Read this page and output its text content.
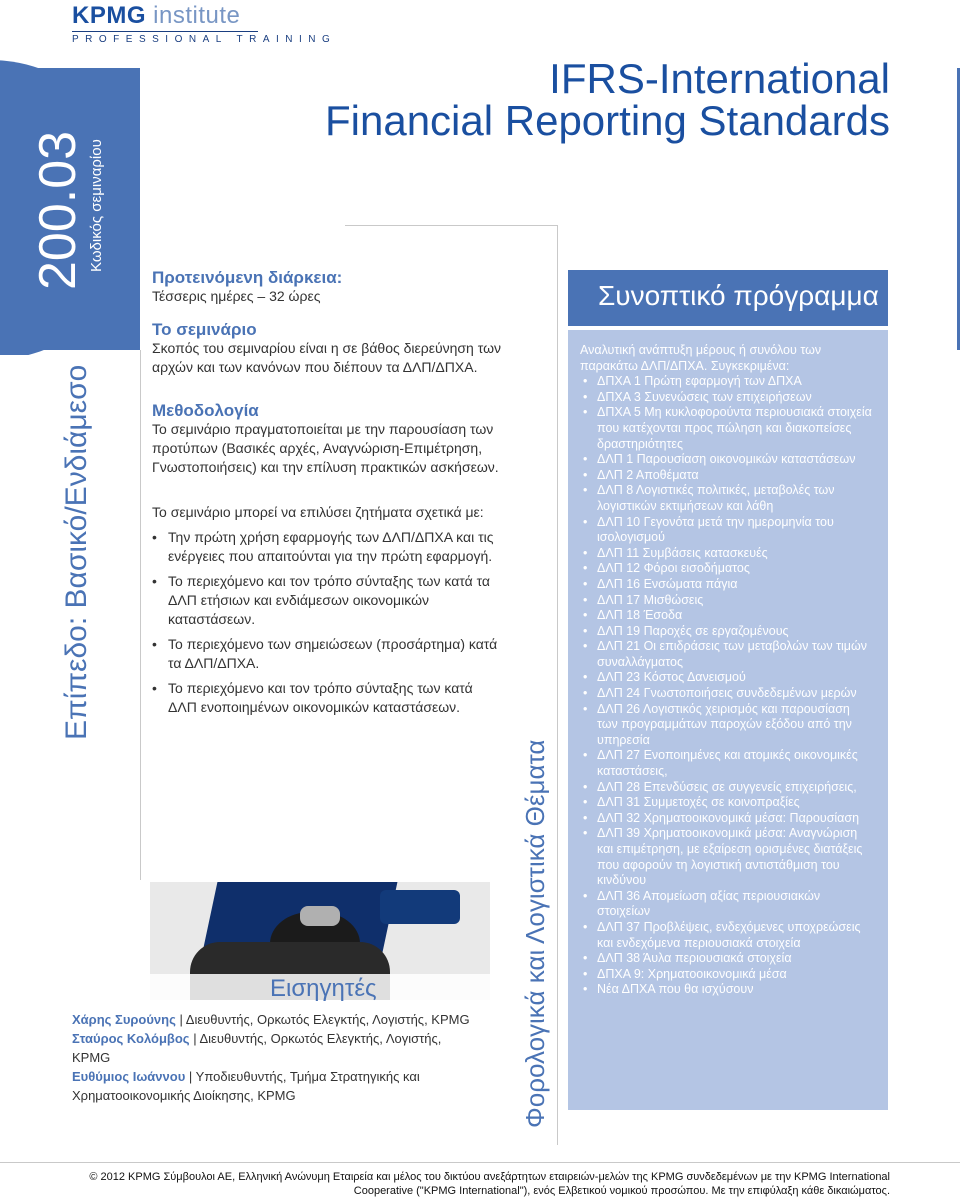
KPMG institute
PROFESSIONAL TRAINING
200.03 Κωδικός σεμιναρίου
Επίπεδο: Βασικό/Ενδιάμεσο
IFRS-International
Financial Reporting Standards

Προτεινόμενη διάρκεια:

Τέσσερις ημέρες – 32 ώρες

Το σεμινάριο

Σκοπός του σεμιναρίου είναι η σε βάθος διερεύνηση των αρχών και των κανόνων που διέπουν τα ΔΛΠ/ΔΠΧΑ.

Μεθοδολογία

Το σεμινάριο πραγματοποιείται με την παρουσίαση των προτύπων (Βασικές αρχές, Αναγνώριση-Επιμέτρηση, Γνωστοποιήσεις) και την επίλυση πρακτικών ασκήσεων.

Το σεμινάριο μπορεί να επιλύσει ζητήματα σχετικά με:

• Την πρώτη χρήση εφαρμογής των ΔΛΠ/ΔΠΧΑ και τις ενέργειες που απαιτούνται για την πρώτη εφαρμογή.
• Το περιεχόμενο και τον τρόπο σύνταξης των κατά τα ΔΛΠ ετήσιων και ενδιάμεσων οικονομικών καταστάσεων.
• Το περιεχόμενο των σημειώσεων (προσάρτημα) κατά τα ΔΛΠ/ΔΠΧΑ.
• Το περιεχόμενο και τον τρόπο σύνταξης των κατά ΔΛΠ ενοποιημένων οικονομικών καταστάσεων.
Εισηγητές
Χάρης Συρούνης | Διευθυντής, Ορκωτός Ελεγκτής, Λογιστής, KPMG
Σταύρος Κολόμβος | Διευθυντής, Ορκωτός Ελεγκτής, Λογιστής, KPMG
Ευθύμιος Ιωάννου | Υποδιευθυντής, Τμήμα Στρατηγικής και Χρηματοοικονομικής Διοίκησης, KPMG	Φορολογικά και Λογιστικά Θέματα
Συνοπτικό πρόγραμμα
Αναλυτική ανάπτυξη μέρους ή συνόλου των παρακάτω ΔΛΠ/ΔΠΧΑ. Συγκεκριμένα:
• ΔΠΧΑ 1 Πρώτη εφαρμογή των ΔΠΧΑ
• ΔΠΧΑ 3 Συνενώσεις των επιχειρήσεων
• ΔΠΧΑ 5 Μη κυκλοφορούντα περιουσιακά στοιχεία που κατέχονται προς πώληση και διακοπείσες δραστηριότητες
• ΔΛΠ 1 Παρουσίαση οικονομικών καταστάσεων
• ΔΛΠ 2 Αποθέματα
• ΔΛΠ 8 Λογιστικές πολιτικές, μεταβολές των λογιστικών εκτιμήσεων και λάθη
• ΔΛΠ 10 Γεγονότα μετά την ημερομηνία του ισολογισμού
• ΔΛΠ 11 Συμβάσεις κατασκευές
• ΔΛΠ 12 Φόροι εισοδήματος
• ΔΛΠ 16 Ενσώματα πάγια
• ΔΛΠ 17 Μισθώσεις
• ΔΛΠ 18 Έσοδα
• ΔΛΠ 19 Παροχές σε εργαζομένους
• ΔΛΠ 21 Οι επιδράσεις των μεταβολών των τιμών συναλλάγματος
• ΔΛΠ 23 Κόστος Δανεισμού
• ΔΛΠ 24 Γνωστοποιήσεις συνδεδεμένων μερών
• ΔΛΠ 26 Λογιστικός χειρισμός και παρουσίαση των προγραμμάτων παροχών εξόδου από την υπηρεσία
• ΔΛΠ 27 Ενοποιημένες και ατομικές οικονομικές καταστάσεις,
• ΔΛΠ 28 Επενδύσεις σε συγγενείς επιχειρήσεις,
• ΔΛΠ 31 Συμμετοχές σε κοινοπραξίες
• ΔΛΠ 32 Χρηματοοικονομικά μέσα: Παρουσίαση
• ΔΛΠ 39 Χρηματοοικονομικά μέσα: Αναγνώριση και επιμέτρηση, με εξαίρεση ορισμένες διατάξεις που αφορούν τη λογιστική αντιστάθμιση του κινδύνου
• ΔΛΠ 36 Απομείωση αξίας περιουσιακών στοιχείων
• ΔΛΠ 37 Προβλέψεις, ενδεχόμενες υποχρεώσεις και ενδεχόμενα περιουσιακά στοιχεία
• ΔΛΠ 38 Άυλα περιουσιακά στοιχεία
• ΔΠΧΑ 9: Χρηματοοικονομικά μέσα
• Νέα ΔΠΧΑ που θα ισχύσουν
© 2012 KPMG Σύμβουλοι ΑΕ, Ελληνική Ανώνυμη Εταιρεία και μέλος του δικτύου ανεξάρτητων εταιρειών-μελών της KPMG συνδεδεμένων με την KPMG International
Cooperative ("KPMG International"), ενός Ελβετικού νομικού προσώπου. Με την επιφύλαξη κάθε δικαιώματος.
